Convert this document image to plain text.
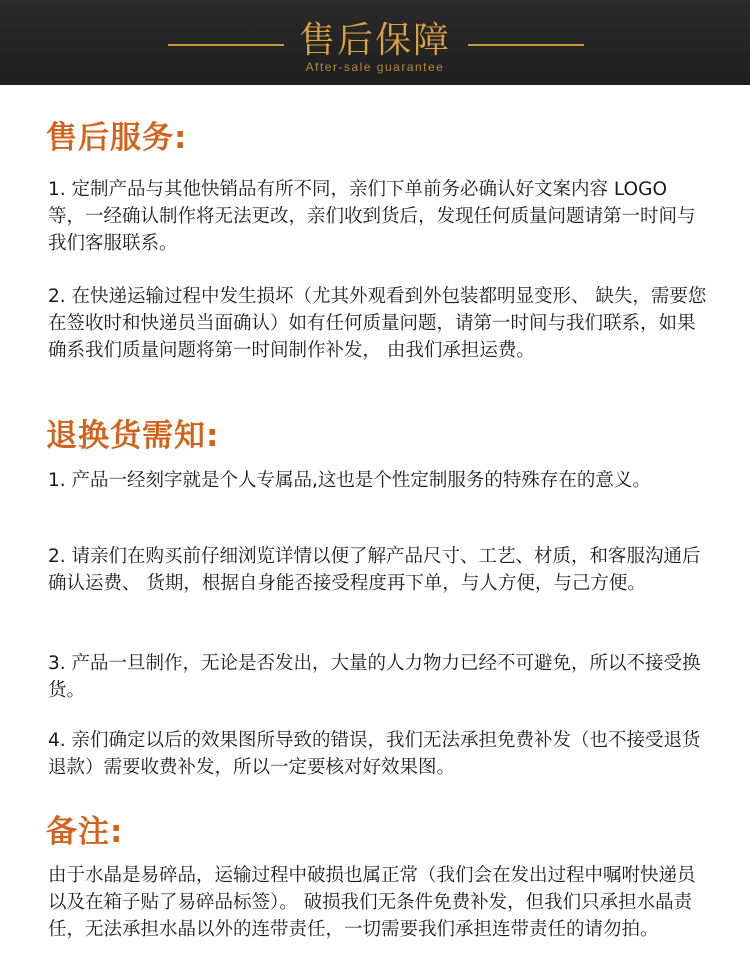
售后保障
After-sale guarantee
售后服务:

1. 定制产品与其他快销品有所不同，亲们下单前务必确认好文案内容 LOGO 等，一经确认制作将无法更改，亲们收到货后，发现任何质量问题请第一时间与我们客服联系。

2. 在快递运输过程中发生损坏（尤其外观看到外包装都明显变形、 缺失，需要您在签收时和快递员当面确认）如有任何质量问题，请第一时间与我们联系，如果确系我们质量问题将第一时间制作补发， 由我们承担运费。

退换货需知:

1. 产品一经刻字就是个人专属品,这也是个性定制服务的特殊存在的意义。

2. 请亲们在购买前仔细浏览详情以便了解产品尺寸、工艺、材质，和客服沟通后确认运费、 货期，根据自身能否接受程度再下单，与人方便，与己方便。

3. 产品一旦制作，无论是否发出，大量的人力物力已经不可避免，所以不接受换货。

4. 亲们确定以后的效果图所导致的错误，我们无法承担免费补发（也不接受退货退款）需要收费补发，所以一定要核对好效果图。

备注:

由于水晶是易碎品，运输过程中破损也属正常（我们会在发出过程中嘱咐快递员以及在箱子贴了易碎品标签）。 破损我们无条件免费补发，但我们只承担水晶责任，无法承担水晶以外的连带责任，一切需要我们承担连带责任的请勿拍。
